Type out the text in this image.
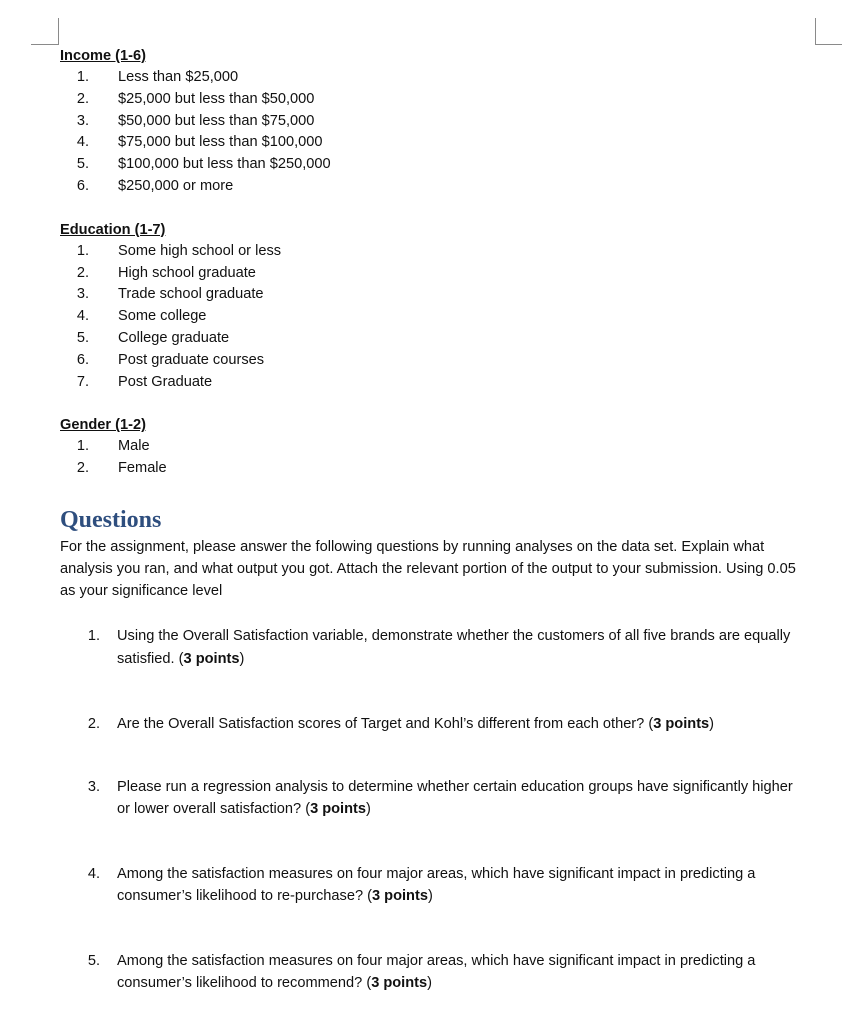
Income (1-6)

1.	Less than $25,000
2.	$25,000 but less than $50,000
3.	$50,000 but less than $75,000
4.	$75,000 but less than $100,000
5.	$100,000 but less than $250,000
6.	$250,000 or more

Education (1-7)

1.	Some high school or less
2.	High school graduate
3.	Trade school graduate
4.	Some college
5.	College graduate
6.	Post graduate courses
7.	Post Graduate

Gender (1-2)

1.	Male
2.	Female
Questions

For the assignment, please answer the following questions by running analyses on the data set. Explain what analysis you ran, and what output you got. Attach the relevant portion of the output to your submission. Using 0.05 as your significance level

1.	Using the Overall Satisfaction variable, demonstrate whether the customers of all five brands are equally satisfied. (3 points)
2.	Are the Overall Satisfaction scores of Target and Kohl’s different from each other? (3 points)
3.	Please run a regression analysis to determine whether certain education groups have significantly higher or lower overall satisfaction? (3 points)
4.	Among the satisfaction measures on four major areas, which have significant impact in predicting a consumer’s likelihood to re-purchase? (3 points)
5.	Among the satisfaction measures on four major areas, which have significant impact in predicting a consumer’s likelihood to recommend? (3 points)
